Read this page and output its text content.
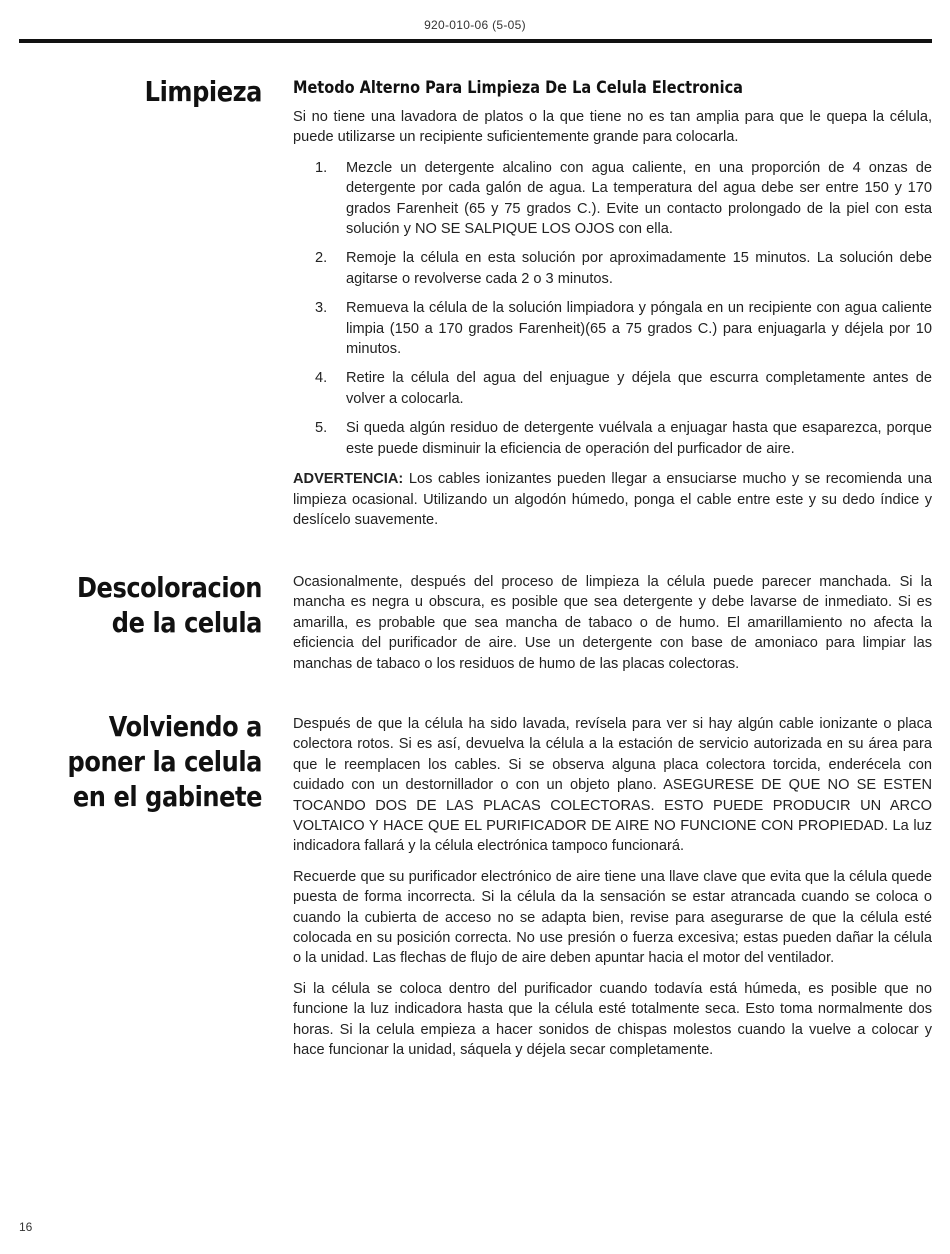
920-010-06 (5-05)
Limpieza Metodo Alterno Para Limpieza De La Celula Electronica

Si no tiene una lavadora de platos o la que tiene no es tan amplia para que le quepa la célula, puede utilizarse un recipiente suficientemente grande para colocarla.

1. Mezcle un detergente alcalino con agua caliente, en una proporción de 4 onzas de detergente por cada galón de agua. La temperatura del agua debe ser entre 150 y 170 grados Farenheit (65 y 75 grados C.). Evite un contacto prolongado de la piel con esta solución y NO SE SALPIQUE LOS OJOS con ella.
2. Remoje la célula en esta solución por aproximadamente 15 minutos. La solución debe agitarse o revolverse cada 2 o 3 minutos.
3. Remueva la célula de la solución limpiadora y póngala en un recipiente con agua caliente limpia (150 a 170 grados Farenheit)(65 a 75 grados C.) para enjuagarla y déjela por 10 minutos.
4. Retire la célula del agua del enjuague y déjela que escurra completamente antes de volver a colocarla.
5. Si queda algún residuo de detergente vuélvala a enjuagar hasta que esaparezca, porque este puede disminuir la eficiencia de operación del purficador de aire.

ADVERTENCIA: Los cables ionizantes pueden llegar a ensuciarse mucho y se recomienda una limpieza ocasional. Utilizando un algodón húmedo, ponga el cable entre este y su dedo índice y deslícelo suavemente.

Descoloracion
de la celula

Ocasionalmente, después del proceso de limpieza la célula puede parecer manchada. Si la mancha es negra u obscura, es posible que sea detergente y debe lavarse de inmediato. Si es amarilla, es probable que sea mancha de tabaco o de humo. El amarillamiento no afecta la eficiencia del purificador de aire. Use un detergente con base de amoniaco para limpiar las manchas de tabaco o los residuos de humo de las placas colectoras.

Volviendo a
poner la celula
en el gabinete

Después de que la célula ha sido lavada, revísela para ver si hay algún cable ionizante o placa colectora rotos. Si es así, devuelva la célula a la estación de servicio autorizada en su área para que le reemplacen los cables. Si se observa alguna placa colectora torcida, enderécela con cuidado con un destornillador o con un objeto plano. ASEGURESE DE QUE NO SE ESTEN TOCANDO DOS DE LAS PLACAS COLECTORAS. ESTO PUEDE PRODUCIR UN ARCO VOLTAICO Y HACE QUE EL PURIFICADOR DE AIRE NO FUNCIONE CON PROPIEDAD. La luz indicadora fallará y la célula electrónica tampoco funcionará.

Recuerde que su purificador electrónico de aire tiene una llave clave que evita que la célula quede puesta de forma incorrecta. Si la célula da la sensación se estar atrancada cuando se coloca o cuando la cubierta de acceso no se adapta bien, revise para asegurarse de que la célula esté colocada en su posición correcta. No use presión o fuerza excesiva; estas pueden dañar la célula o la unidad. Las flechas de flujo de aire deben apuntar hacia el motor del ventilador.

Si la célula se coloca dentro del purificador cuando todavía está húmeda, es posible que no funcione la luz indicadora hasta que la célula esté totalmente seca. Esto toma normalmente dos horas. Si la celula empieza a hacer sonidos de chispas molestos cuando la vuelve a colocar y hace funcionar la unidad, sáquela y déjela secar completamente.

16
